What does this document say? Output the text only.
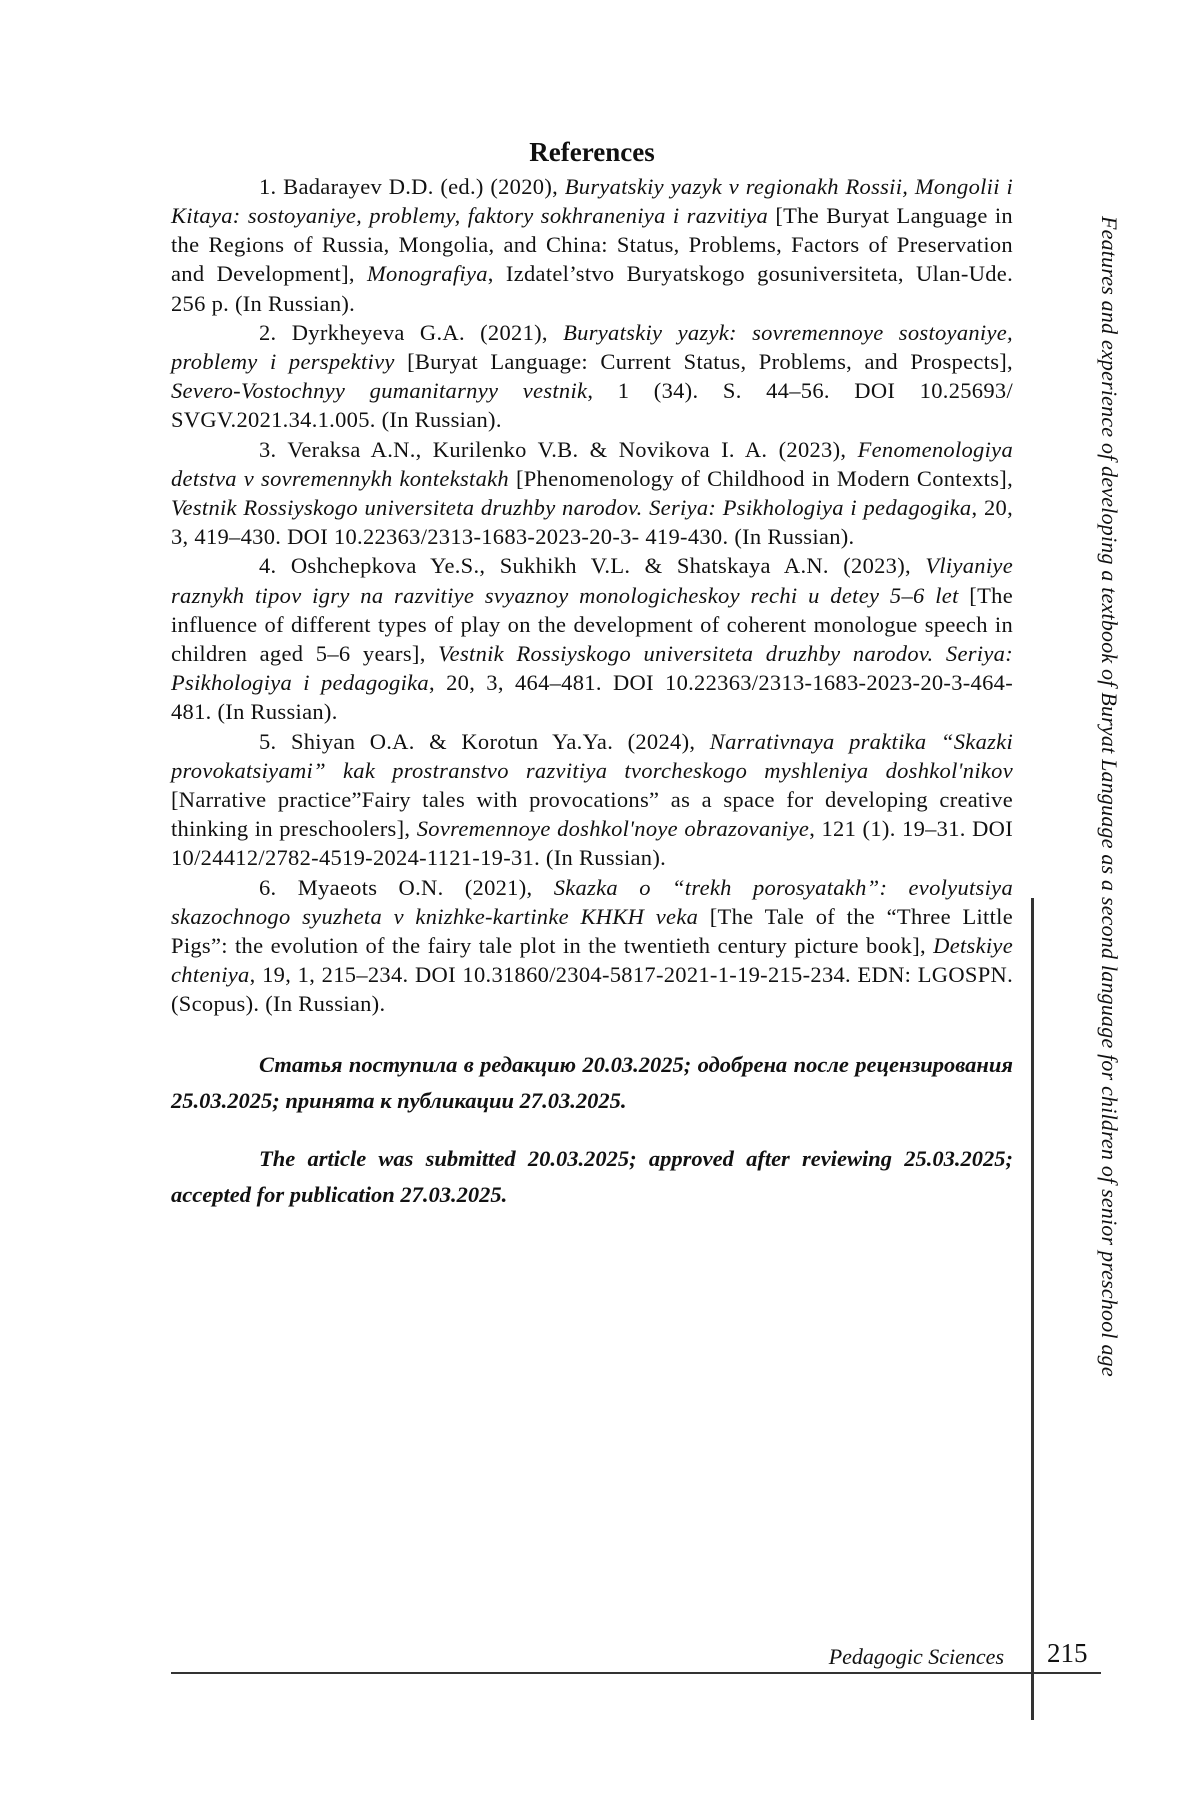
References

1. Badarayev D.D. (ed.) (2020), Buryatskiy yazyk v regionakh Rossii, Mongolii i Kitaya: sostoyaniye, problemy, faktory sokhraneniya i razvitiya [The Buryat Language in the Regions of Russia, Mongolia, and China: Status, Problems, Factors of Preservation and Development], Monografiya, Izdatel’stvo Buryatskogo gosuniversiteta, Ulan-Ude. 256 p. (In Russian).

2. Dyrkheyeva G.A. (2021), Buryatskiy yazyk: sovremennoye sostoyaniye, problemy i perspektivy [Buryat Language: Current Status, Problems, and Prospects], Severo-Vostochnyy gumanitarnyy vestnik, 1 (34). S. 44–56. DOI 10.25693/ SVGV.2021.34.1.005. (In Russian).

3. Veraksa A.N., Kurilenko V.B. & Novikova I. A. (2023), Fenomenologiya detstva v sovremennykh kontekstakh [Phenomenology of Childhood in Modern Contexts], Vestnik Rossiyskogo universiteta druzhby narodov. Seriya: Psikhologiya i pedagogika, 20, 3, 419–430. DOI 10.22363/2313-1683-2023-20-3- 419-430. (In Russian).

4. Oshchepkova Ye.S., Sukhikh V.L. & Shatskaya A.N. (2023), Vliyaniye raznykh tipov igry na razvitiye svyaznoy monologicheskoy rechi u detey 5–6 let [The influence of different types of play on the development of coherent monologue speech in children aged 5–6 years], Vestnik Rossiyskogo universiteta druzhby narodov. Seriya: Psikhologiya i pedagogika, 20, 3, 464–481. DOI 10.22363/2313-1683-2023-20-3-464-481. (In Russian).

5. Shiyan O.A. & Korotun Ya.Ya. (2024), Narrativnaya praktika “Skazki provokatsiyami” kak prostranstvo razvitiya tvorcheskogo myshleniya doshkol'nikov [Narrative practice”Fairy tales with provocations” as a space for developing creative thinking in preschoolers], Sovremennoye doshkol'noye obrazovaniye, 121 (1). 19–31. DOI 10/24412/2782-4519-2024-1121-19-31. (In Russian).

6. Myaeots O.N. (2021), Skazka o “trekh porosyatakh”: evolyutsiya skazochnogo syuzheta v knizhke-kartinke KHKH veka [The Tale of the “Three Little Pigs”: the evolution of the fairy tale plot in the twentieth century picture book], Detskiye chteniya, 19, 1, 215–234. DOI 10.31860/2304-5817-2021-1-19-215-234. EDN: LGOSPN. (Scopus). (In Russian).

Статья поступила в редакцию 20.03.2025; одобрена после рецензирования 25.03.2025; принята к публикации 27.03.2025.

The article was submitted 20.03.2025; approved after reviewing 25.03.2025; accepted for publication 27.03.2025.	Features and experience of developing a textbook of Buryat Language as a second language for children of senior preschool age
Pedagogic Sciences 215
